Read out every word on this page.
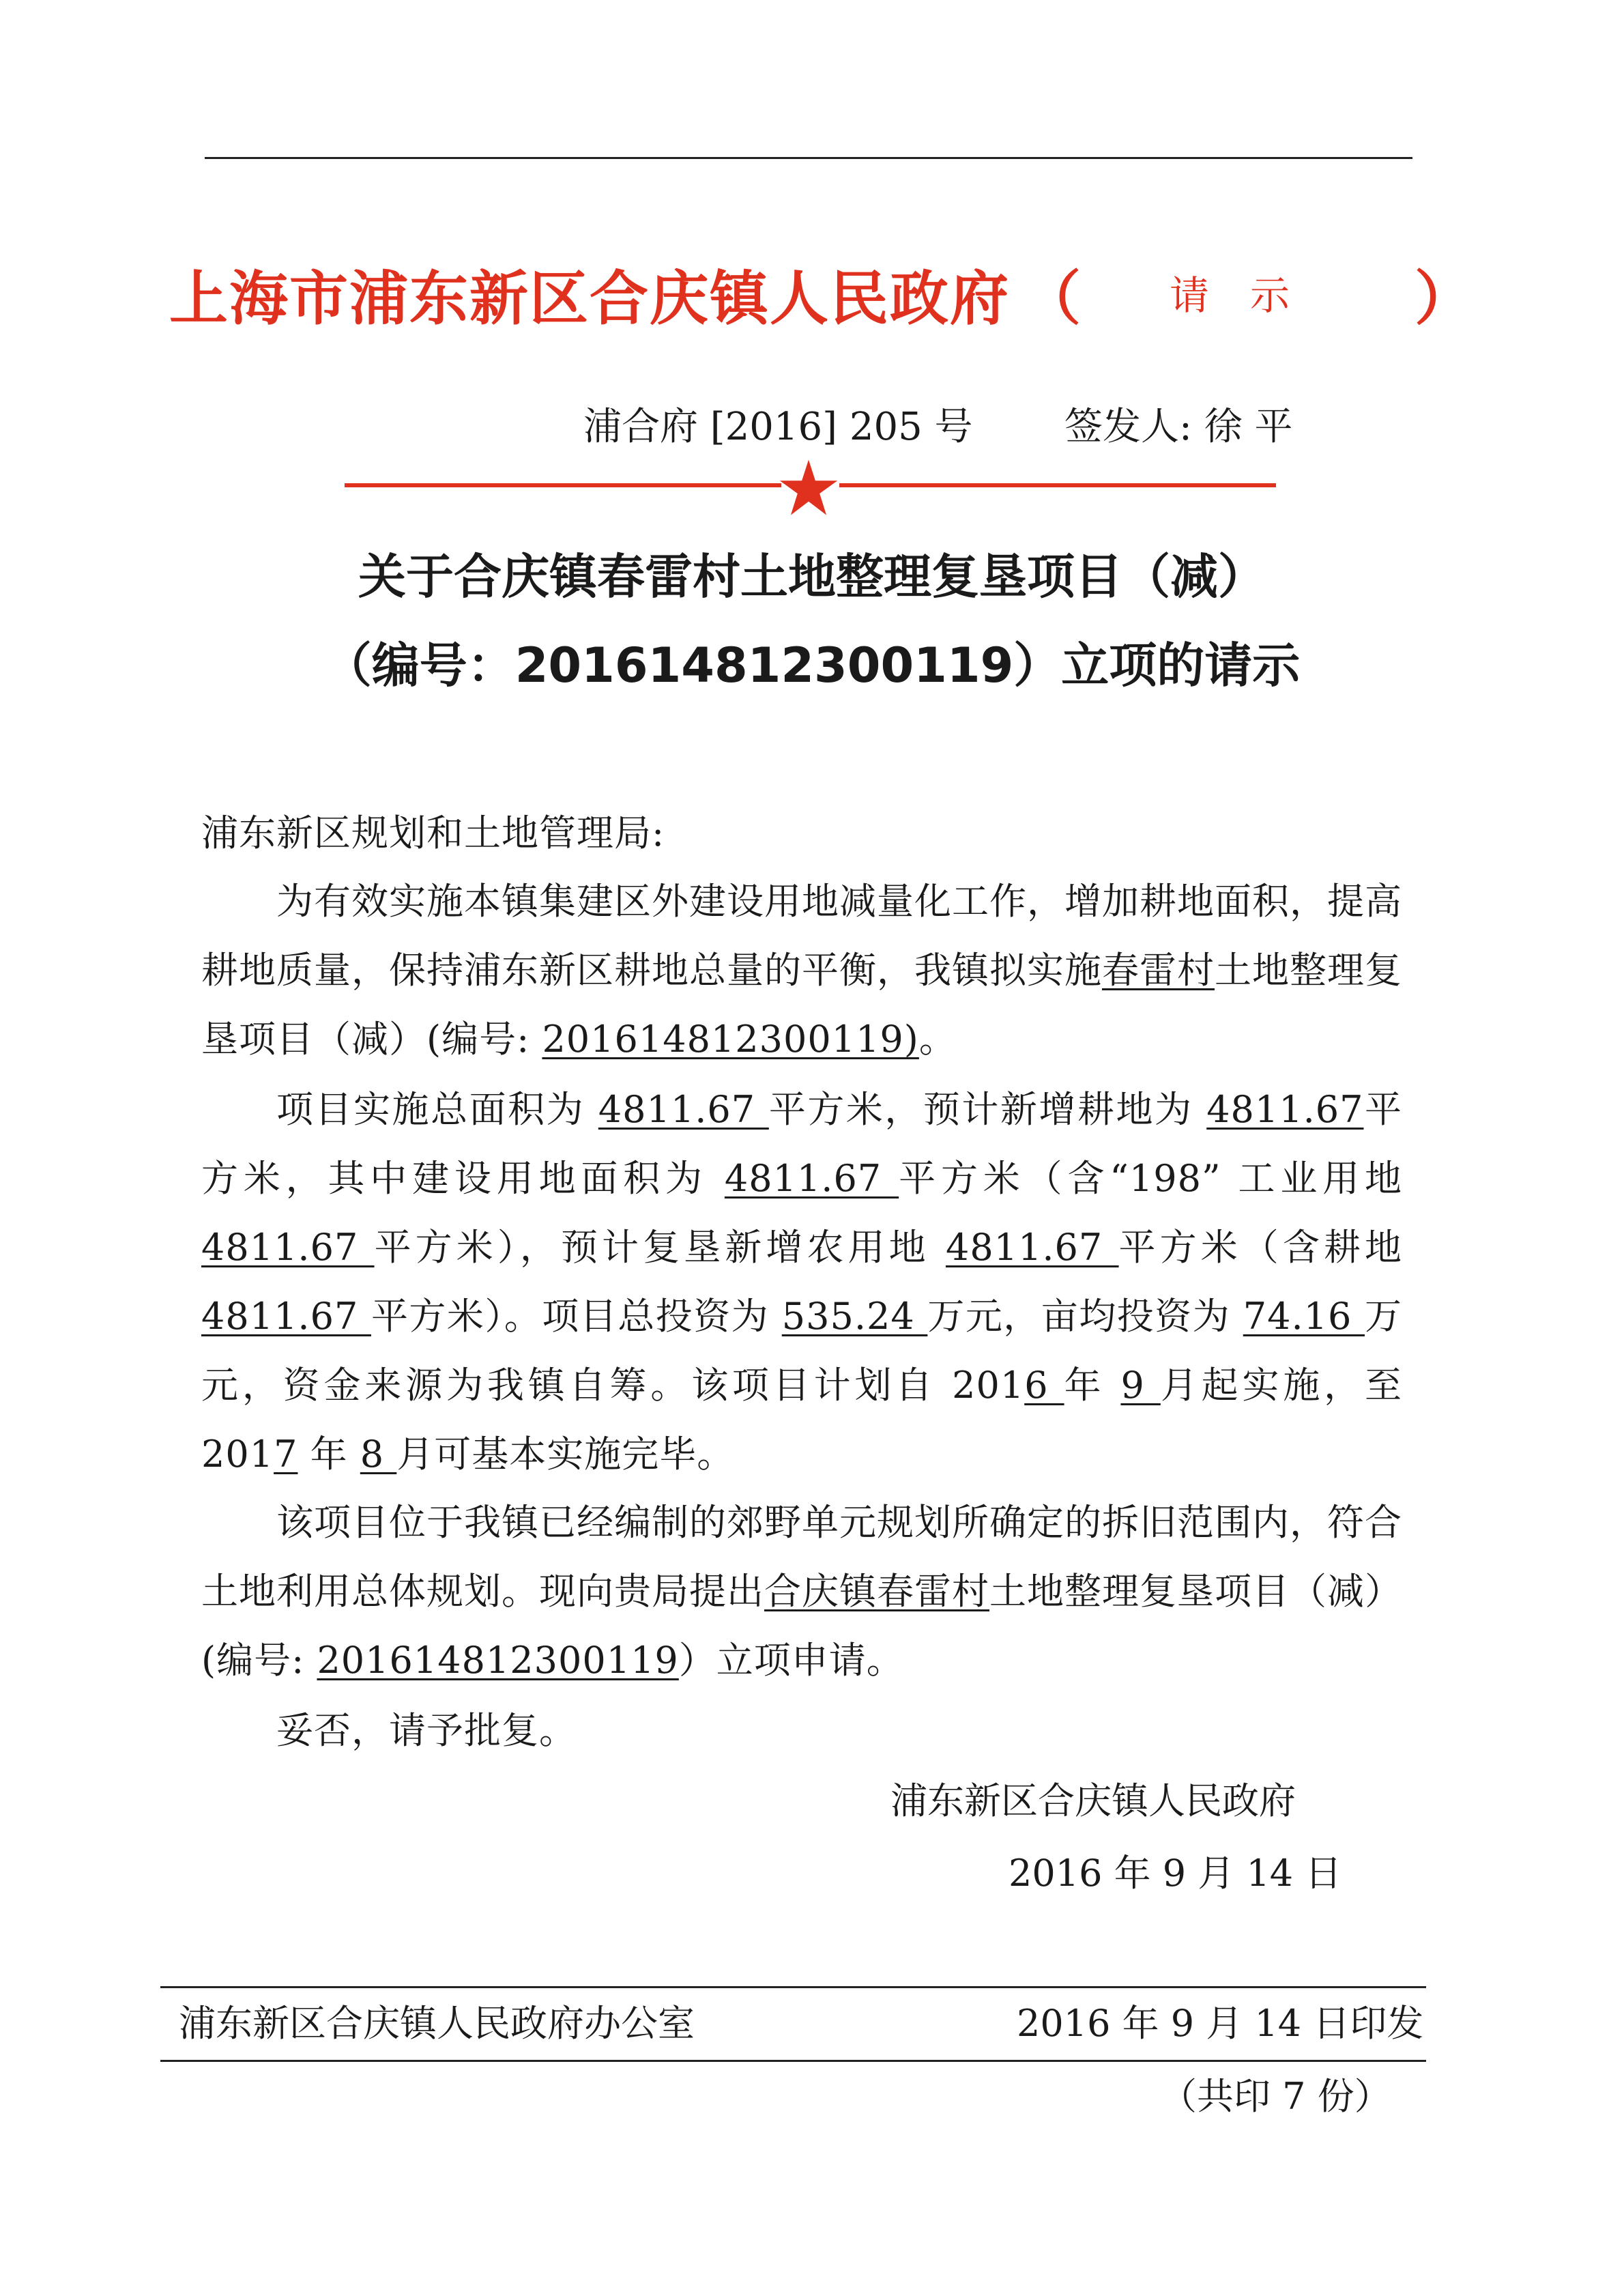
上海市浦东新区合庆镇人民政府 （ 请示 ）
浦合府 [2016] 205 号 签发人: 徐 平
关于合庆镇春雷村土地整理复垦项目（减）
（编号：201614812300119）立项的请示

浦东新区规划和土地管理局:

为有效实施本镇集建区外建设用地减量化工作，增加耕地面积，提高耕地质量，保持浦东新区耕地总量的平衡，我镇拟实施春雷村土地整理复垦项目（减）(编号: 201614812300119)。

项目实施总面积为 4811.67 平方米，预计新增耕地为 4811.67平方米，其中建设用地面积为 4811.67 平方米（含“198” 工业用地 4811.67 平方米），预计复垦新增农用地 4811.67 平方米（含耕地 4811.67 平方米）。项目总投资为 535.24 万元，亩均投资为 74.16 万元，资金来源为我镇自筹。该项目计划自 2016 年 9 月起实施，至 2017 年 8 月可基本实施完毕。

该项目位于我镇已经编制的郊野单元规划所确定的拆旧范围内，符合土地利用总体规划。现向贵局提出合庆镇春雷村土地整理复垦项目（减）(编号: 201614812300119）立项申请。

妥否，请予批复。

浦东新区合庆镇人民政府
2016 年 9 月 14 日
浦东新区合庆镇人民政府办公室	2016 年 9 月 14 日印发
（共印 7 份）
